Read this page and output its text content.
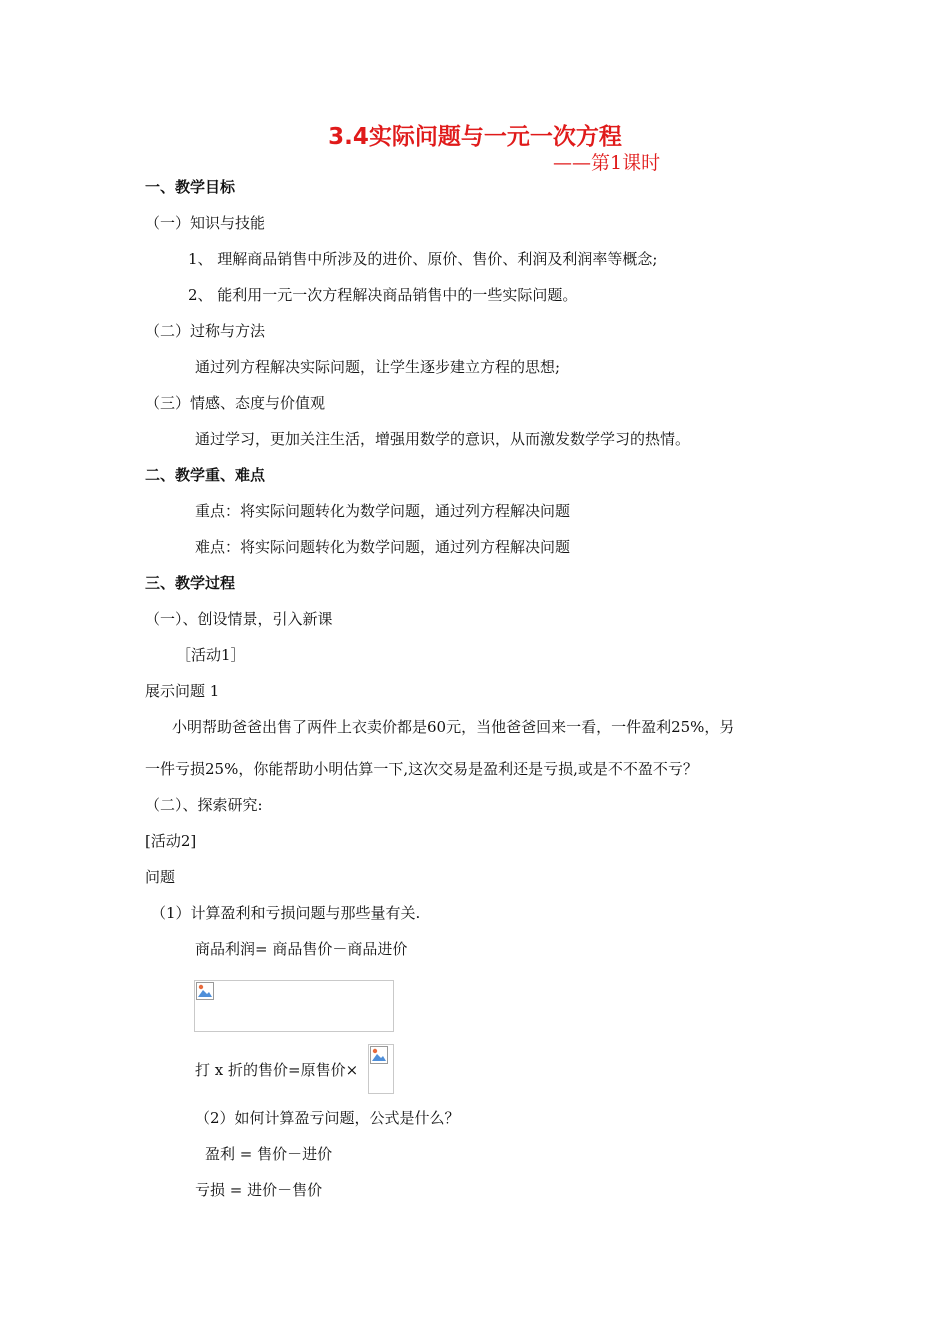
3.4实际问题与一元一次方程
——第1课时
一、教学目标
（一）知识与技能
1、 理解商品销售中所涉及的进价、原价、售价、利润及利润率等概念;
2、 能利用一元一次方程解决商品销售中的一些实际问题。
（二）过称与方法
通过列方程解决实际问题，让学生逐步建立方程的思想;
（三）情感、态度与价值观
通过学习，更加关注生活，增强用数学的意识，从而激发数学学习的热情。
二、教学重、难点
重点：将实际问题转化为数学问题，通过列方程解决问题
难点：将实际问题转化为数学问题，通过列方程解决问题
三、教学过程
（一）、创设情景，引入新课
［活动1］
展示问题 1
小明帮助爸爸出售了两件上衣卖价都是60元，当他爸爸回来一看，一件盈利25%，另
一件亏损25%，你能帮助小明估算一下,这次交易是盈利还是亏损,或是不不盈不亏？
（二）、探索研究:
[活动2]
问题
（1）计算盈利和亏损问题与那些量有关.
商品利润= 商品售价－商品进价
打 x 折的售价=原售价×
（2）如何计算盈亏问题，公式是什么？
盈利 = 售价－进价
亏损 = 进价－售价
